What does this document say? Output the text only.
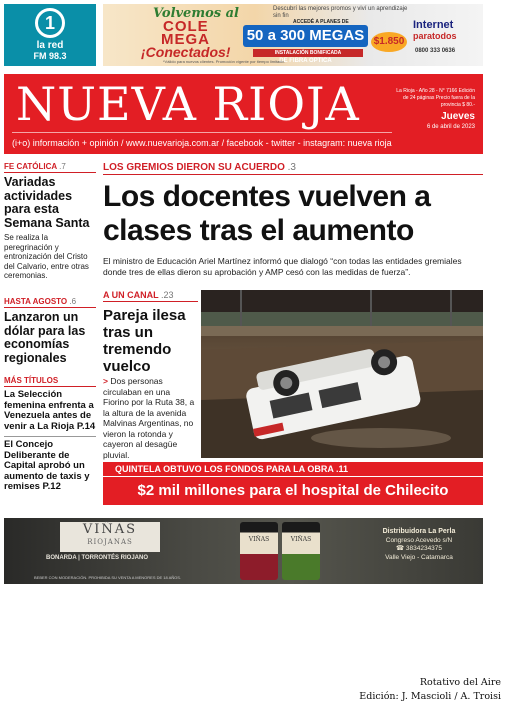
1
la red
FM 98.3
Volvemos al
COLE
MEGA
¡Conectados!
Descubrí las mejores promos y viví un aprendizaje sin fin
ACCEDÉ A PLANES DE
50 a 300 MEGAS DE FIBRA ÓPTICA
INSTALACIÓN BONIFICADA
$1.850
Internet
paratodos
0800 333 0636
*Válido para nuevos clientes. Promoción vigente por tiempo limitado.
NUEVA RIOJA	La Rioja - Año 28 - N° 7166 Edición de 24 páginas Precio fuera de la provincia $ 80.-
Jueves
6 de abril de 2023
(i+o) información + opinión / www.nuevarioja.com.ar / facebook - twitter - instagram: nueva rioja
FE CATÓLICA .7
Variadas actividades para esta Semana Santa
Se realiza la peregrinación y entronización del Cristo del Calvario, entre otras ceremonias.
HASTA AGOSTO .6
Lanzaron un dólar para las economías regionales
MÁS TÍTULOS
La Selección femenina enfrenta a Venezuela antes de venir a La Rioja P.14
El Concejo Deliberante de Capital aprobó un aumento de taxis y remises P.12
LOS GREMIOS DIERON SU ACUERDO .3
Los docentes vuelven a clases tras el aumento
El ministro de Educación Ariel Martínez informó que dialogó “con todas las entidades gremiales donde tres de ellas dieron su aprobación y AMP cesó con las medidas de fuerza”.
A UN CANAL .23
Pareja ilesa tras un tremendo vuelco
> Dos personas circulaban en una Fiorino por la Ruta 38, a la altura de la avenida Malvinas Argentinas, no vieron la rotonda y cayeron al desagüe pluvial.
QUINTELA OBTUVO LOS FONDOS PARA LA OBRA .11
$2 mil millones para el hospital de Chilecito
VIÑAS
RIOJANAS
BONARDA | TORRONTÉS RIOJANO
VIÑAS	VIÑAS
Distribuidora La Perla
Congreso Acevedo s/N
☎ 3834234375
Valle Viejo - Catamarca
BEBER CON MODERACIÓN. PROHIBIDA SU VENTA A MENORES DE 18 AÑOS.
Rotativo del Aire
Edición: J. Mascioli / A. Troisi
